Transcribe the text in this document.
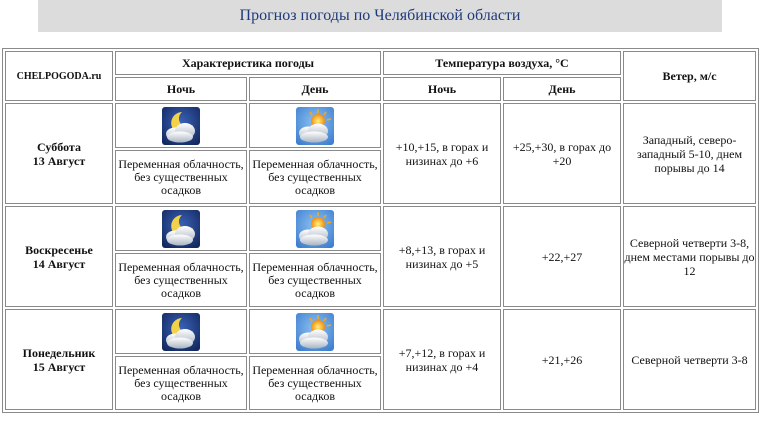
Прогноз погоды по Челябинской области
CHELPOGODA.ru	Характеристика погоды		Температура воздуха, °С		Ветер, м/с
	Ночь	День	Ночь	День	

Суббота
13 Август			+10,+15, в горах и низинах до +6	+25,+30, в горах до +20	Западный, северо-западный 5-10, днем порывы до 14
	Переменная облачность, без существенных осадков	Переменная облачность, без существенных осадков			

Воскресенье
14 Август			+8,+13, в горах и низинах до +5	+22,+27	Северной четверти 3-8, днем местами порывы до 12
	Переменная облачность, без существенных осадков	Переменная облачность, без существенных осадков			

Понедельник
15 Август			+7,+12, в горах и низинах до +4	+21,+26	Северной четверти 3-8
	Переменная облачность, без существенных осадков	Переменная облачность, без существенных осадков			
